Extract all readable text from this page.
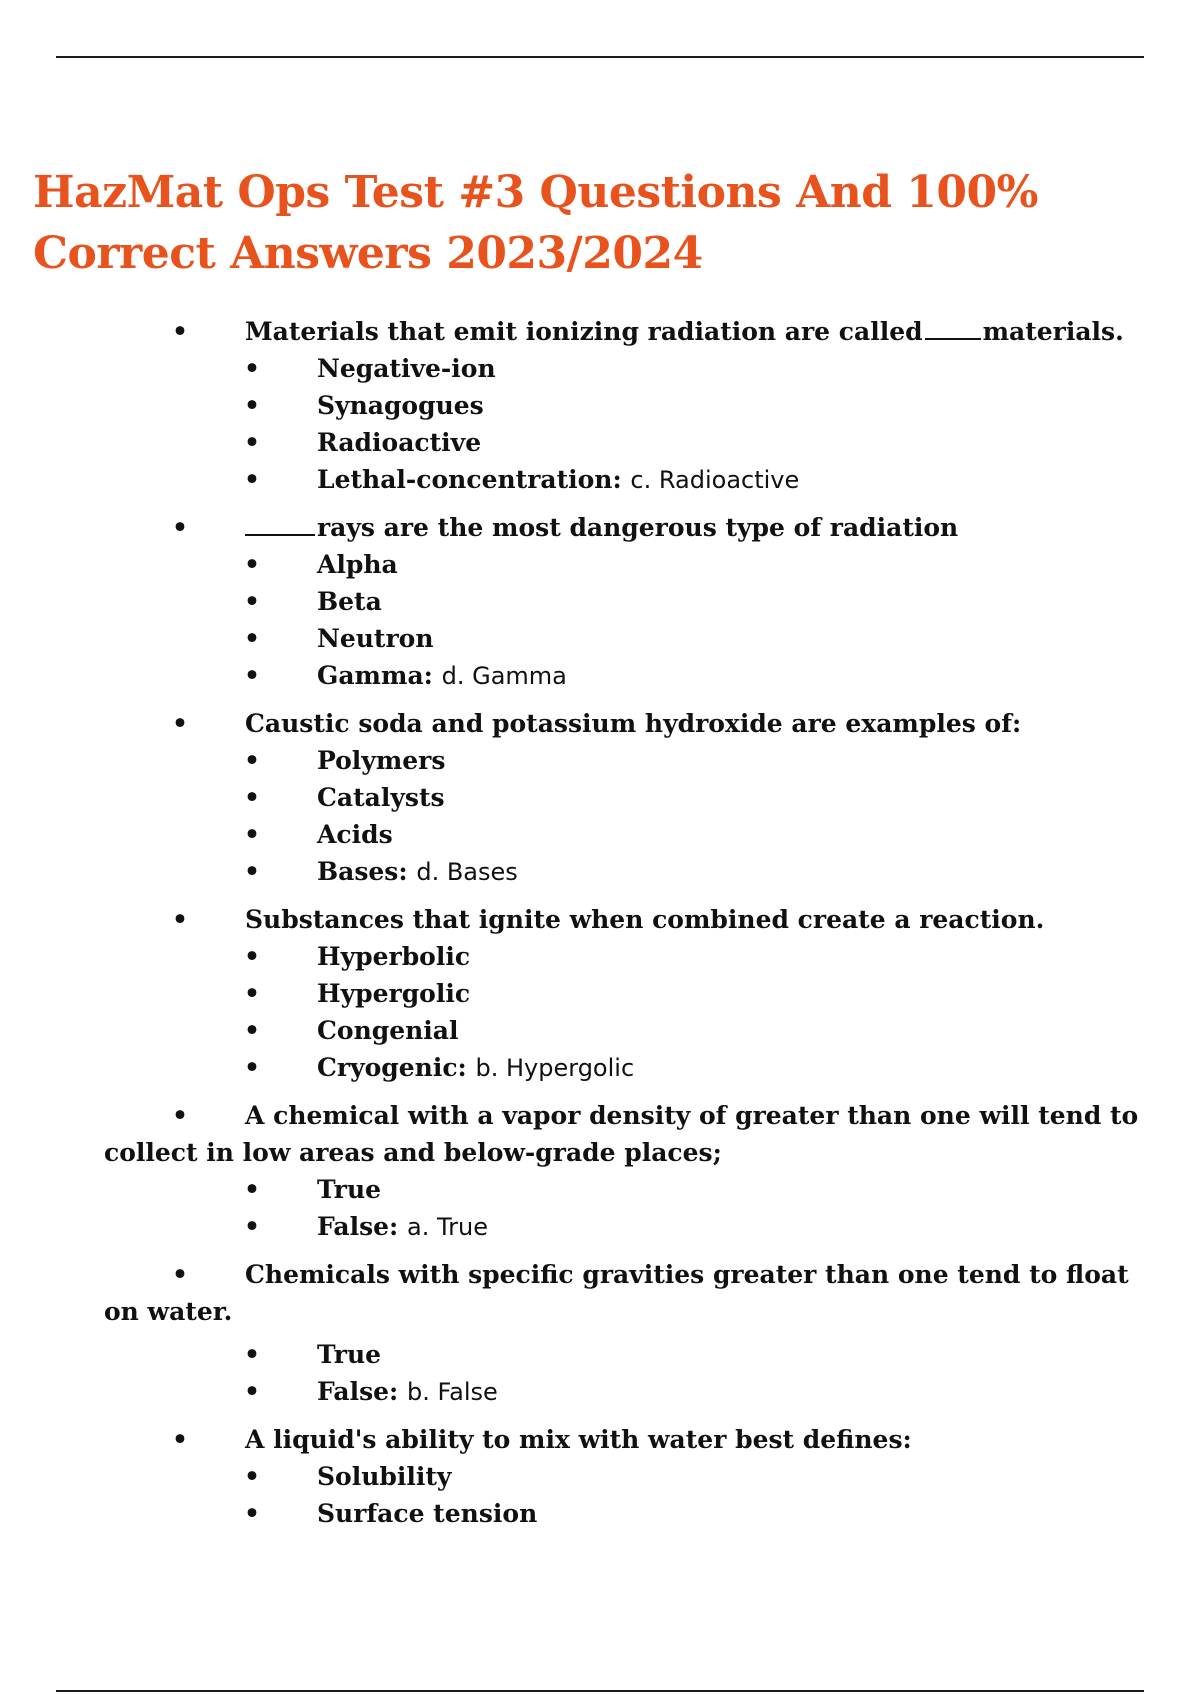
HazMat Ops Test #3 Questions And 100% Correct Answers 2023/2024
• Materials that emit ionizing radiation are called materials.
• Negative-ion
• Synagogues
• Radioactive
• Lethal-concentration: c. Radioactive
•	rays are the most dangerous type of radiation
• Alpha
• Beta
• Neutron
• Gamma: d. Gamma
• Caustic soda and potassium hydroxide are examples of:
• Polymers
• Catalysts
• Acids
• Bases: d. Bases
• Substances that ignite when combined create a reaction.
• Hyperbolic
• Hypergolic
• Congenial
• Cryogenic: b. Hypergolic
• A chemical with a vapor density of greater than one will tend to collect in low areas and below-grade places;
• True
• False: a. True
• Chemicals with specific gravities greater than one tend to float on water.
• True
• False: b. False
• A liquid's ability to mix with water best defines:
• Solubility
• Surface tension
